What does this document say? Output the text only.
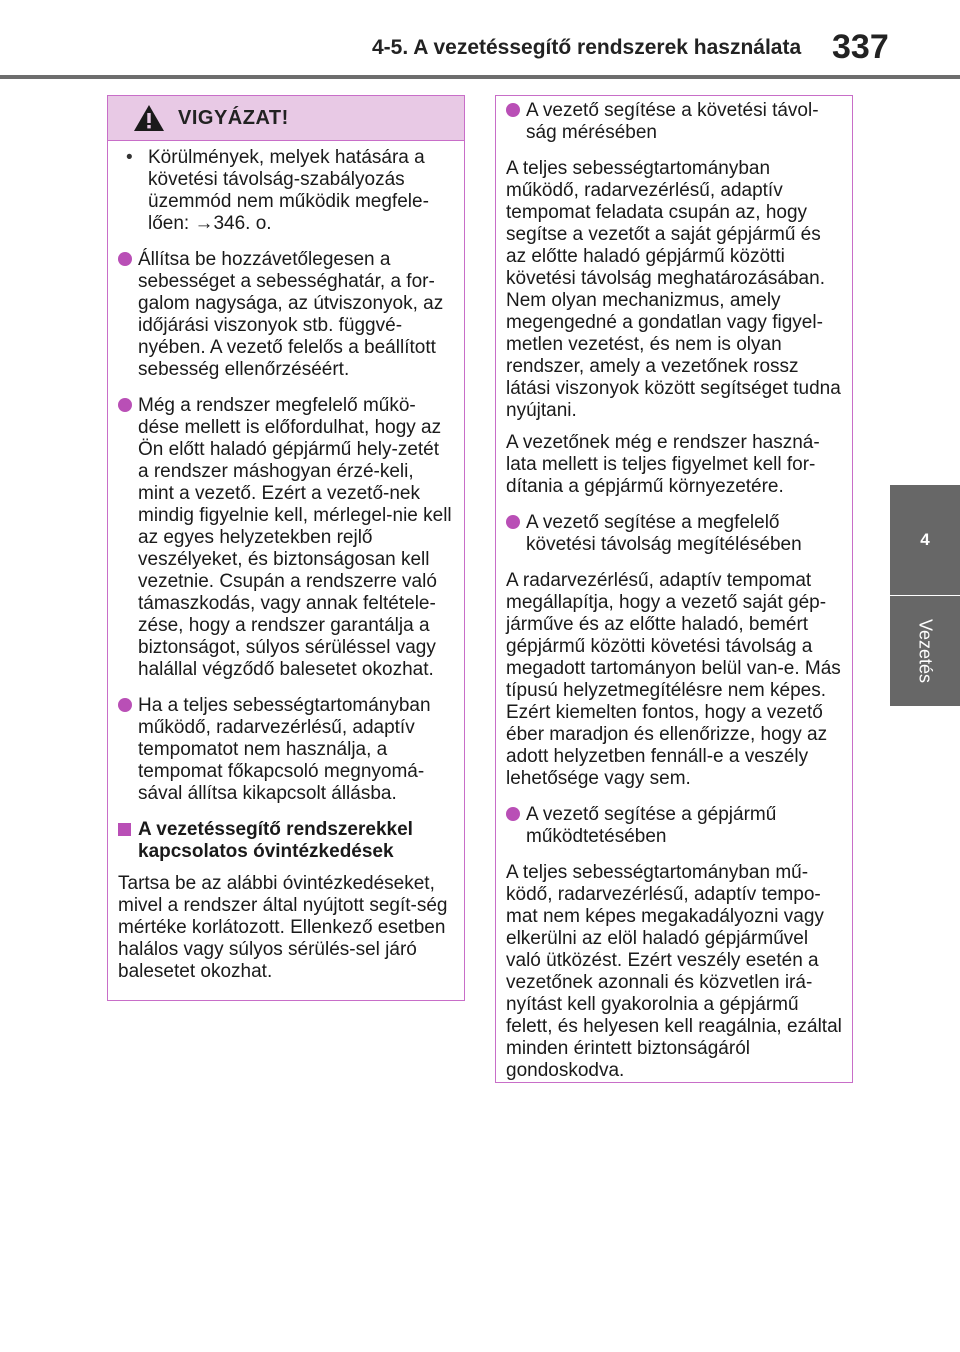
4-5. A vezetéssegítő rendszerek használata 337
4
Vezetés
VIGYÁZAT!
• Körülmények, melyek hatására a követési távolság-szabályozás üzemmód nem működik megfele-lően: →346. o.
Állítsa be hozzávetőlegesen a sebességet a sebességhatár, a for-galom nagysága, az útviszonyok, az időjárási viszonyok stb. függvé-nyében. A vezető felelős a beállított sebesség ellenőrzéséért.
Még a rendszer megfelelő műkö-dése mellett is előfordulhat, hogy az Ön előtt haladó gépjármű hely-zetét a rendszer máshogyan érzé-keli, mint a vezető. Ezért a vezető-nek mindig figyelnie kell, mérlegel-nie kell az egyes helyzetekben rejlő veszélyeket, és biztonságosan kell vezetnie. Csupán a rendszerre való támaszkodás, vagy annak feltétele-zése, hogy a rendszer garantálja a biztonságot, súlyos sérüléssel vagy halállal végződő balesetet okozhat.
Ha a teljes sebességtartományban működő, radarvezérlésű, adaptív tempomatot nem használja, a tempomat főkapcsoló megnyomá-sával állítsa kikapcsolt állásba.
A vezetéssegítő rendszerekkel kapcsolatos óvintézkedések
Tartsa be az alábbi óvintézkedéseket, mivel a rendszer által nyújtott segít-ség mértéke korlátozott. Ellenkező esetben halálos vagy súlyos sérülés-sel járó balesetet okozhat.
A vezető segítése a követési távol-ság mérésében
A teljes sebességtartományban működő, radarvezérlésű, adaptív tempomat feladata csupán az, hogy segítse a vezetőt a saját gépjármű és az előtte haladó gépjármű közötti követési távolság meghatározásában. Nem olyan mechanizmus, amely megengedné a gondatlan vagy figyel-metlen vezetést, és nem is olyan rendszer, amely a vezetőnek rossz látási viszonyok között segítséget tudna nyújtani.
A vezetőnek még e rendszer haszná-lata mellett is teljes figyelmet kell for-dítania a gépjármű környezetére.
A vezető segítése a megfelelő követési távolság megítélésében
A radarvezérlésű, adaptív tempomat megállapítja, hogy a vezető saját gép-járműve és az előtte haladó, bemért gépjármű közötti követési távolság a megadott tartományon belül van-e. Más típusú helyzetmegítélésre nem képes. Ezért kiemelten fontos, hogy a vezető éber maradjon és ellenőrizze, hogy az adott helyzetben fennáll-e a veszély lehetősége vagy sem.
A vezető segítése a gépjármű működtetésében
A teljes sebességtartományban mű-ködő, radarvezérlésű, adaptív tempo-mat nem képes megakadályozni vagy elkerülni az elöl haladó gépjárművel való ütközést. Ezért veszély esetén a vezetőnek azonnali és közvetlen irá-nyítást kell gyakorolnia a gépjármű felett, és helyesen kell reagálnia, ezáltal minden érintett biztonságáról gondoskodva.
